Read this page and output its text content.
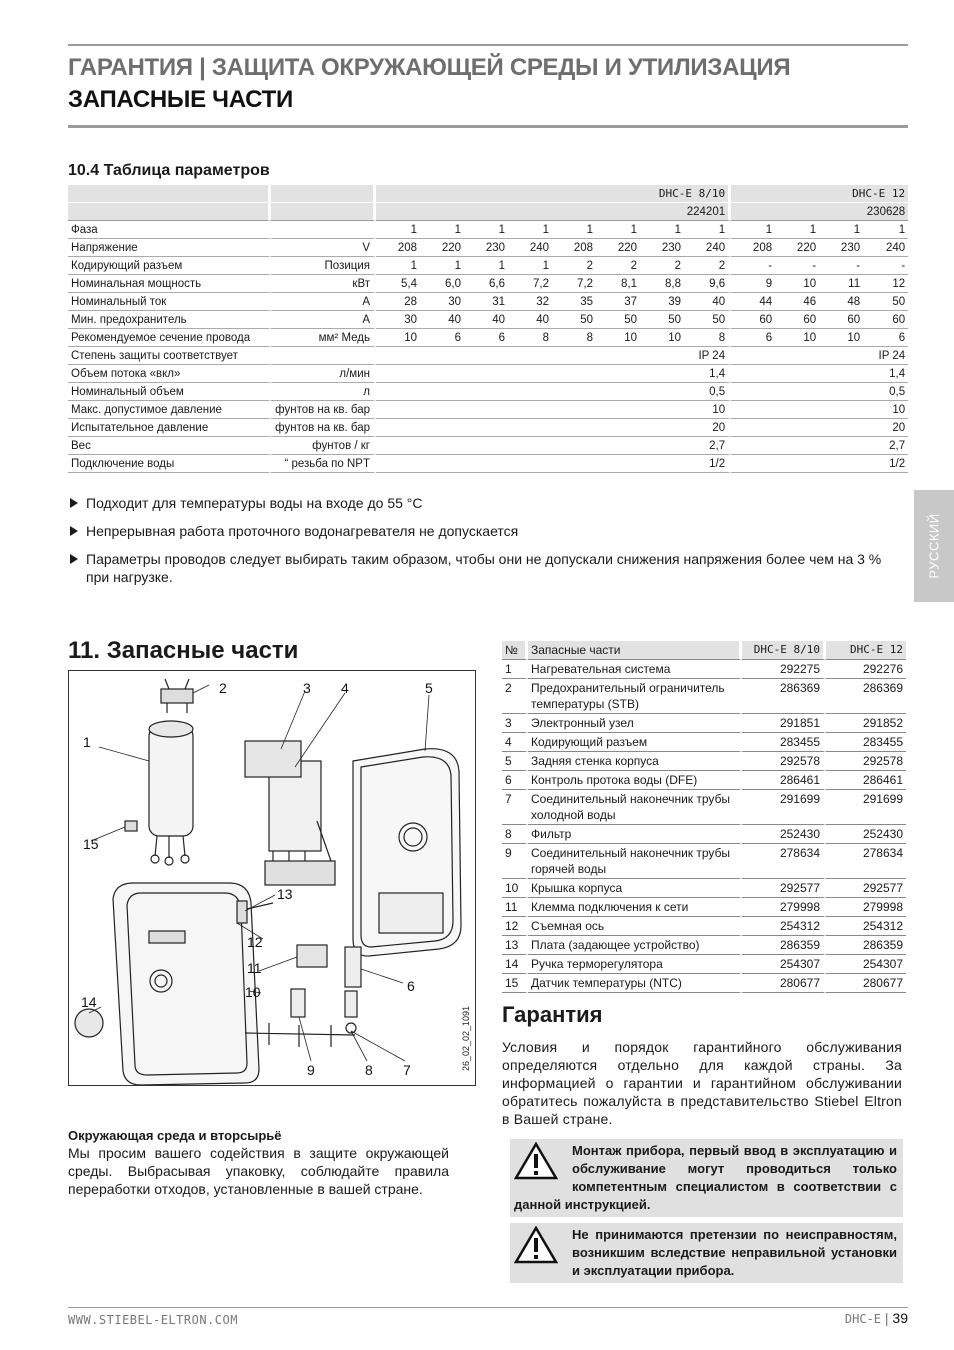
ГАРАНТИЯ | ЗАЩИТА ОКРУЖАЮЩЕЙ СРЕДЫ И УТИЛИЗАЦИЯ
ЗАПАСНЫЕ ЧАСТИ
10.4 Таблица параметров
		DHC-E 8/10								DHC-E 12			
		224201								230628			
Фаза		1	1	1	1	1	1	1	1	1	1	1	1
Напряжение	V	208	220	230	240	208	220	230	240	208	220	230	240
Кодирующий разъем	Позиция	1	1	1	1	2	2	2	2	-	-	-	-
Номинальная мощность	кВт	5,4	6,0	6,6	7,2	7,2	8,1	8,8	9,6	9	10	11	12
Номинальный ток	A	28	30	31	32	35	37	39	40	44	46	48	50
Мин. предохранитель	A	30	40	40	40	50	50	50	50	60	60	60	60
Рекомендуемое сечение провода	мм² Медь	10	6	6	8	8	10	10	8	6	10	10	6
Степень защиты соответствует		IP 24								IP 24			
Объем потока «вкл»	л/мин	1,4								1,4			
Номинальный объем	л	0,5								0,5			
Макс. допустимое давление	фунтов на кв. бар	10								10			
Испытательное давление	фунтов на кв. бар	20								20			
Вес	фунтов / кг	2,7								2,7			
Подключение воды	“ резьба по NPT	1/2								1/2			
Подходит для температуры воды на входе до 55 °C
Непрерывная работа проточного водонагревателя не допускается
Параметры проводов следует выбирать таким образом, чтобы они не допускали снижения напряжения более чем на 3 % при нагрузке.	РУССКИЙ
11. Запасные части
1
2	3 4	5
6
7
8
9
10
11
12
13
14
15
26_02_02_1091
Окружающая среда и вторсырьё
Мы просим вашего содействия в защите окружающей среды. Выбрасывая упаковку, соблюдайте правила переработки отходов, установленные в вашей стране.
№	Запасные части	DHC-E 8/10	DHC-E 12
1	Нагревательная система	292275	292276
2	Предохранительный ограничитель температуры (STB)	286369	286369
3	Электронный узел	291851	291852
4	Кодирующий разъем	283455	283455
5	Задняя стенка корпуса	292578	292578
6	Контроль протока воды (DFE)	286461	286461
7	Соединительный наконечник трубы холодной воды	291699	291699
8	Фильтр	252430	252430
9	Соединительный наконечник трубы горячей воды	278634	278634
10	Крышка корпуса	292577	292577
11	Клемма подключения к сети	279998	279998
12	Съемная ось	254312	254312
13	Плата (задающее устройство)	286359	286359
14	Ручка терморегулятора	254307	254307
15	Датчик температуры (NTC)	280677	280677
Гарантия
Условия и порядок гарантийного обслуживания определяются отдельно для каждой страны. За информацией о гарантии и гарантийном обслуживании обратитесь пожалуйста в представительство Stiebel Eltron в Вашей стране.
Монтаж прибора, первый ввод в эксплуатацию и обслуживание могут проводиться только компетентным специалистом в соответствии с данной инструкцией.
Не принимаются претензии по неисправностям, возникшим вследствие неправильной установки и эксплуатации прибора.
WWW.STIEBEL-ELTRON.COM	DHC-E | 39
